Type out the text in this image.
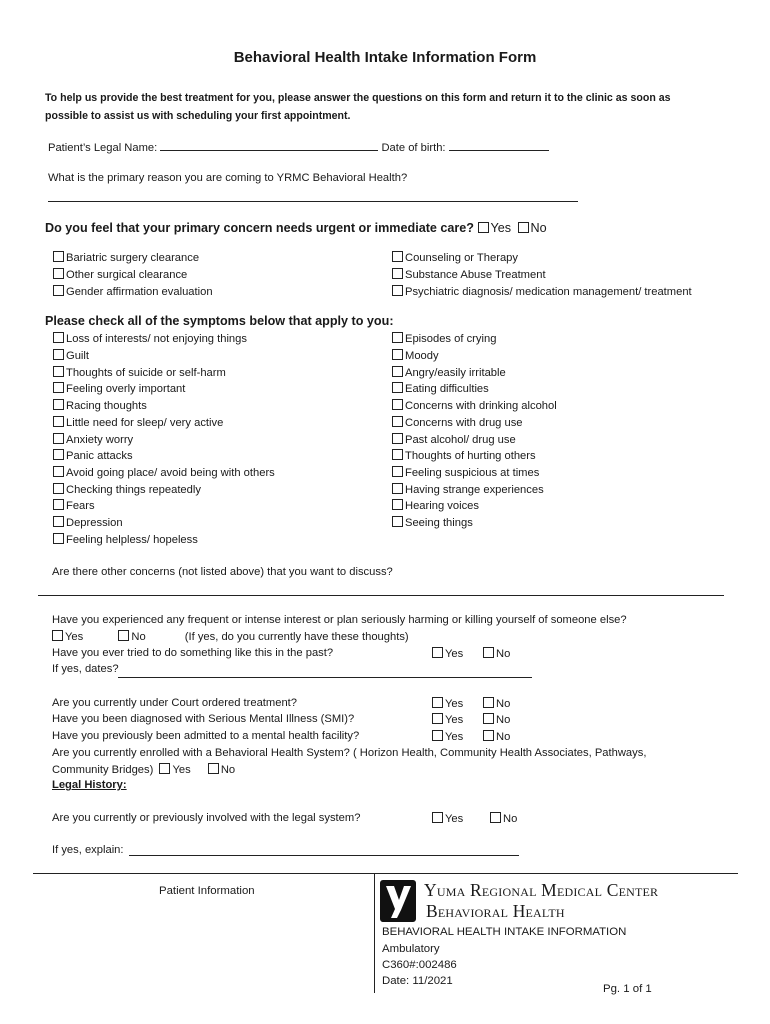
Behavioral Health Intake Information Form
To help us provide the best treatment for you, please answer the questions on this form and return it to the clinic as soon as
possible to assist us with scheduling your first appointment.
Patient’s Legal Name:	Date of birth:
What is the primary reason you are coming to YRMC Behavioral Health?
Do you feel that your primary concern needs urgent or immediate care? Yes No
Bariatric surgery clearance
Other surgical clearance
Gender affirmation evaluation
Counseling or Therapy
Substance Abuse Treatment
Psychiatric diagnosis/ medication management/ treatment
Please check all of the symptoms below that apply to you:
Loss of interests/ not enjoying things
Guilt
Thoughts of suicide or self-harm
Feeling overly important
Racing thoughts
Little need for sleep/ very active
Anxiety worry
Panic attacks
Avoid going place/ avoid being with others
Checking things repeatedly
Fears
Depression
Feeling helpless/ hopeless
Episodes of crying
Moody
Angry/easily irritable
Eating difficulties
Concerns with drinking alcohol
Concerns with drug use
Past alcohol/ drug use
Thoughts of hurting others
Feeling suspicious at times
Having strange experiences
Hearing voices
Seeing things
Are there other concerns (not listed above) that you want to discuss?
Have you experienced any frequent or intense interest or plan seriously harming or killing yourself of someone else?
Yes	No	(If yes, do you currently have these thoughts)
Have you ever tried to do something like this in the past?	Yes	No
If yes, dates?
Are you currently under Court ordered treatment?	Yes	No
Have you been diagnosed with Serious Mental Illness (SMI)?	Yes	No
Have you previously been admitted to a mental health facility?	Yes	No
Are you currently enrolled with a Behavioral Health System? ( Horizon Health, Community Health Associates, Pathways,
Community Bridges) Yes	No
Legal History:
Are you currently or previously involved with the legal system?	Yes	No
If yes, explain:
Patient Information	Yuma Regional Medical Center
Behavioral Health
BEHAVIORAL HEALTH INTAKE INFORMATION
Ambulatory
C360#:002486
Date: 11/2021
Pg. 1 of 1
